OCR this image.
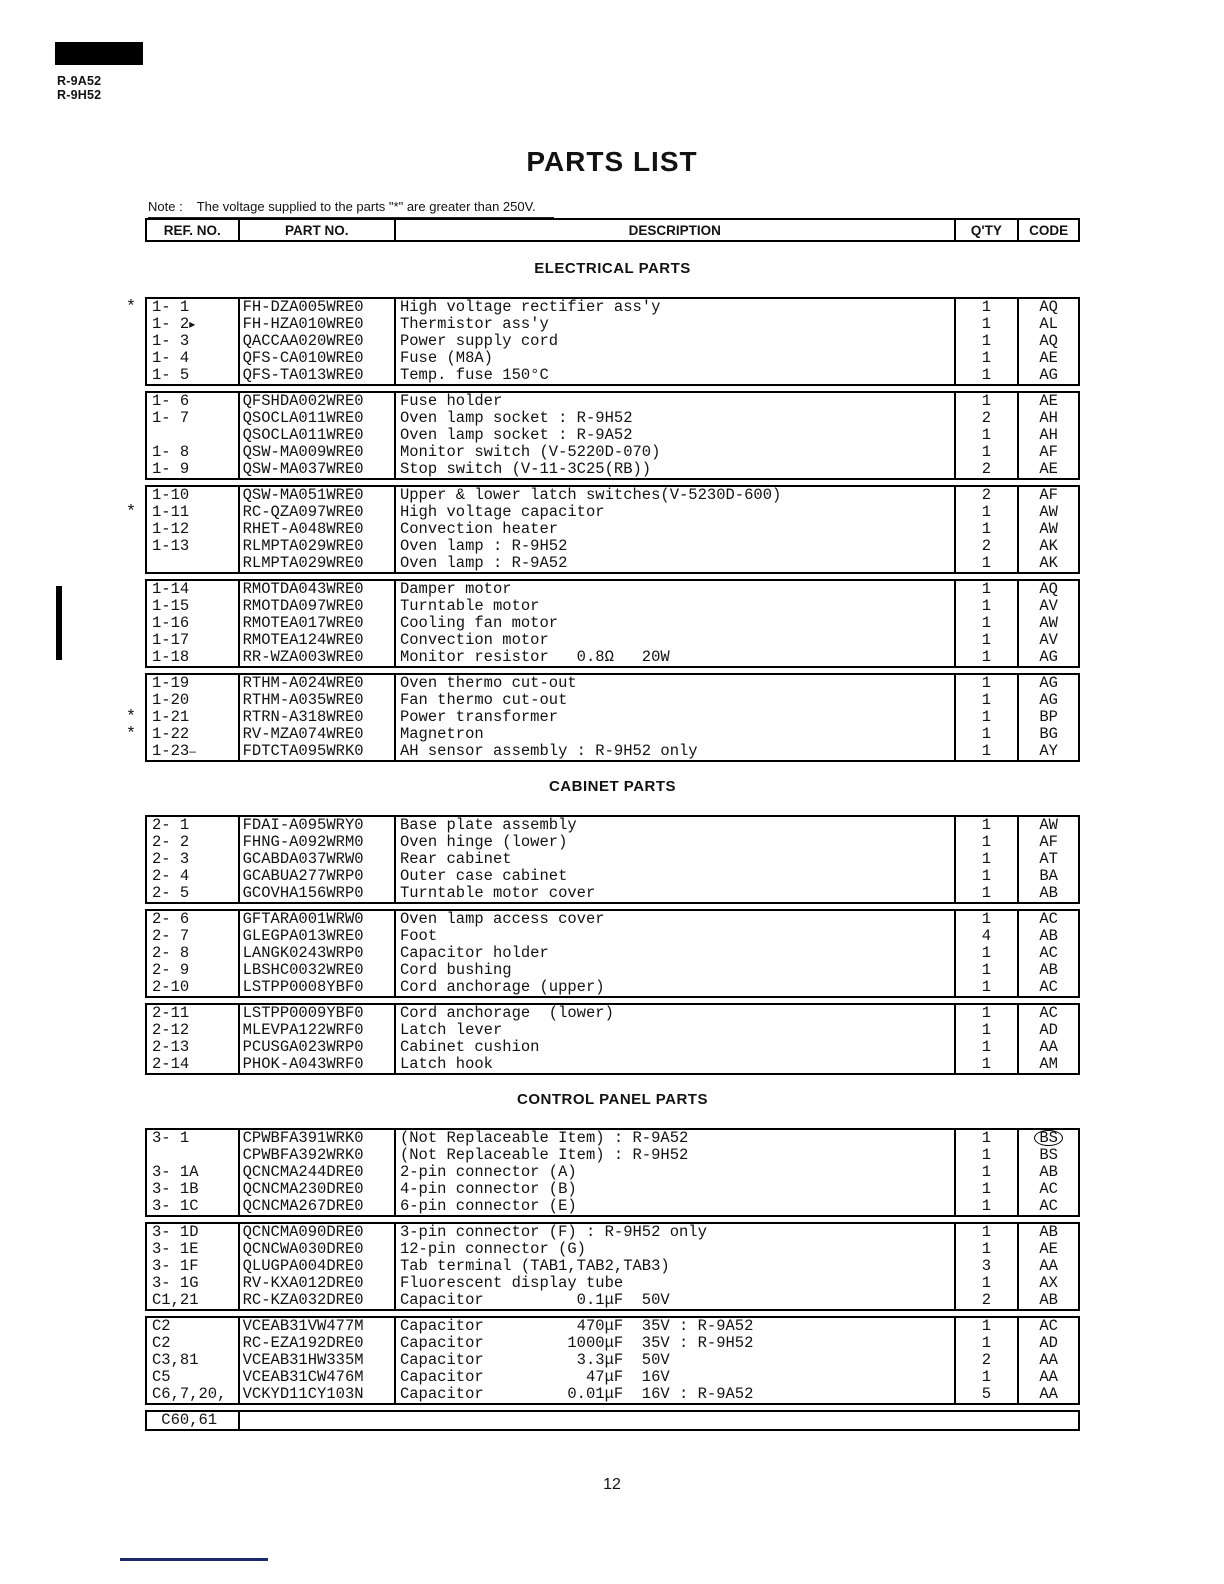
R-9A52
R-9H52
PARTS LIST
Note : The voltage supplied to the parts "*" are greater than 250V.
REF. NO.	PART NO.	DESCRIPTION	Q'TY	CODE
ELECTRICAL PARTS
*	1- 1	FH-DZA005WRE0	High voltage rectifier ass'y	1	AQ
1- 2▸	FH-HZA010WRE0	Thermistor ass'y	1	AL
1- 3	QACCAA020WRE0	Power supply cord	1	AQ
1- 4	QFS-CA010WRE0	Fuse (M8A)	1	AE
1- 5	QFS-TA013WRE0	Temp. fuse 150°C	1	AG
1- 6	QFSHDA002WRE0	Fuse holder	1	AE
1- 7	QSOCLA011WRE0	Oven lamp socket : R-9H52	2	AH
QSOCLA011WRE0	Oven lamp socket : R-9A52	1	AH
1- 8	QSW-MA009WRE0	Monitor switch (V-5220D-070)	1	AF
1- 9	QSW-MA037WRE0	Stop switch (V-11-3C25(RB))	2	AE
1-10	QSW-MA051WRE0	Upper & lower latch switches(V-5230D-600)	2	AF
*	1-11	RC-QZA097WRE0	High voltage capacitor	1	AW
1-12	RHET-A048WRE0	Convection heater	1	AW
1-13	RLMPTA029WRE0	Oven lamp : R-9H52	2	AK
RLMPTA029WRE0	Oven lamp : R-9A52	1	AK
1-14	RMOTDA043WRE0	Damper motor	1	AQ
1-15	RMOTDA097WRE0	Turntable motor	1	AV
1-16	RMOTEA017WRE0	Cooling fan motor	1	AW
1-17	RMOTEA124WRE0	Convection motor	1	AV
1-18	RR-WZA003WRE0	Monitor resistor   0.8Ω   20W	1	AG
1-19	RTHM-A024WRE0	Oven thermo cut-out	1	AG
1-20	RTHM-A035WRE0	Fan thermo cut-out	1	AG
*	1-21	RTRN-A318WRE0	Power transformer	1	BP
*	1-22	RV-MZA074WRE0	Magnetron	1	BG
1-23–	FDTCTA095WRK0	AH sensor assembly : R-9H52 only	1	AY
CABINET PARTS
2- 1	FDAI-A095WRY0	Base plate assembly	1	AW
2- 2	FHNG-A092WRM0	Oven hinge (lower)	1	AF
2- 3	GCABDA037WRW0	Rear cabinet	1	AT
2- 4	GCABUA277WRP0	Outer case cabinet	1	BA
2- 5	GCOVHA156WRP0	Turntable motor cover	1	AB
2- 6	GFTARA001WRW0	Oven lamp access cover	1	AC
2- 7	GLEGPA013WRE0	Foot	4	AB
2- 8	LANGK0243WRP0	Capacitor holder	1	AC
2- 9	LBSHC0032WRE0	Cord bushing	1	AB
2-10	LSTPP0008YBF0	Cord anchorage (upper)	1	AC
2-11	LSTPP0009YBF0	Cord anchorage  (lower)	1	AC
2-12	MLEVPA122WRF0	Latch lever	1	AD
2-13	PCUSGA023WRP0	Cabinet cushion	1	AA
2-14	PHOK-A043WRF0	Latch hook	1	AM
CONTROL PANEL PARTS
3- 1	CPWBFA391WRK0	(Not Replaceable Item) : R-9A52	1	BS
CPWBFA392WRK0	(Not Replaceable Item) : R-9H52	1	BS
3- 1A	QCNCMA244DRE0	2-pin connector (A)	1	AB
3- 1B	QCNCMA230DRE0	4-pin connector (B)	1	AC
3- 1C	QCNCMA267DRE0	6-pin connector (E)	1	AC
3- 1D	QCNCMA090DRE0	3-pin connector (F) : R-9H52 only	1	AB
3- 1E	QCNCWA030DRE0	12-pin connector (G)	1	AE
3- 1F	QLUGPA004DRE0	Tab terminal (TAB1,TAB2,TAB3)	3	AA
3- 1G	RV-KXA012DRE0	Fluorescent display tube	1	AX
C1,21	RC-KZA032DRE0	Capacitor          0.1μF  50V	2	AB
C2	VCEAB31VW477M	Capacitor          470μF  35V : R-9A52	1	AC
C2	RC-EZA192DRE0	Capacitor         1000μF  35V : R-9H52	1	AD
C3,81	VCEAB31HW335M	Capacitor          3.3μF  50V	2	AA
C5	VCEAB31CW476M	Capacitor           47μF  16V	1	AA
C6,7,20,	VCKYD11CY103N	Capacitor         0.01μF  16V : R-9A52	5	AA
C60,61
12
